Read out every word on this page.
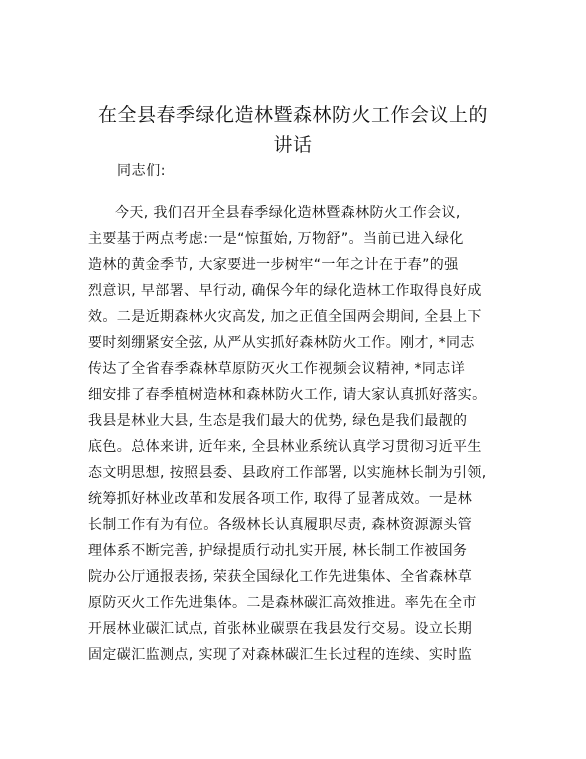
在全县春季绿化造林暨森林防火工作会议上的
讲话

同志们:

今天, 我们召开全县春季绿化造林暨森林防火工作会议,
主要基于两点考虑:一是“惊蜇始, 万物舒”。当前已进入绿化
造林的黄金季节, 大家要进一步树牢“一年之计在于春”的强
烈意识, 早部署、早行动, 确保今年的绿化造林工作取得良好成
效。二是近期森林火灾高发, 加之正值全国两会期间, 全县上下
要时刻绷紧安全弦, 从严从实抓好森林防火工作。刚才, *同志
传达了全省春季森林草原防灭火工作视频会议精神, *同志详
细安排了春季植树造林和森林防火工作, 请大家认真抓好落实。
我县是林业大县, 生态是我们最大的优势, 绿色是我们最靓的
底色。总体来讲, 近年来, 全县林业系统认真学习贯彻习近平生
态文明思想, 按照县委、县政府工作部署, 以实施林长制为引领,
统筹抓好林业改革和发展各项工作, 取得了显著成效。一是林
长制工作有为有位。各级林长认真履职尽责, 森林资源源头管
理体系不断完善, 护绿提质行动扎实开展, 林长制工作被国务
院办公厅通报表扬, 荣获全国绿化工作先进集体、全省森林草
原防灭火工作先进集体。二是森林碳汇高效推进。率先在全市
开展林业碳汇试点, 首张林业碳票在我县发行交易。设立长期
固定碳汇监测点, 实现了对森林碳汇生长过程的连续、实时监
